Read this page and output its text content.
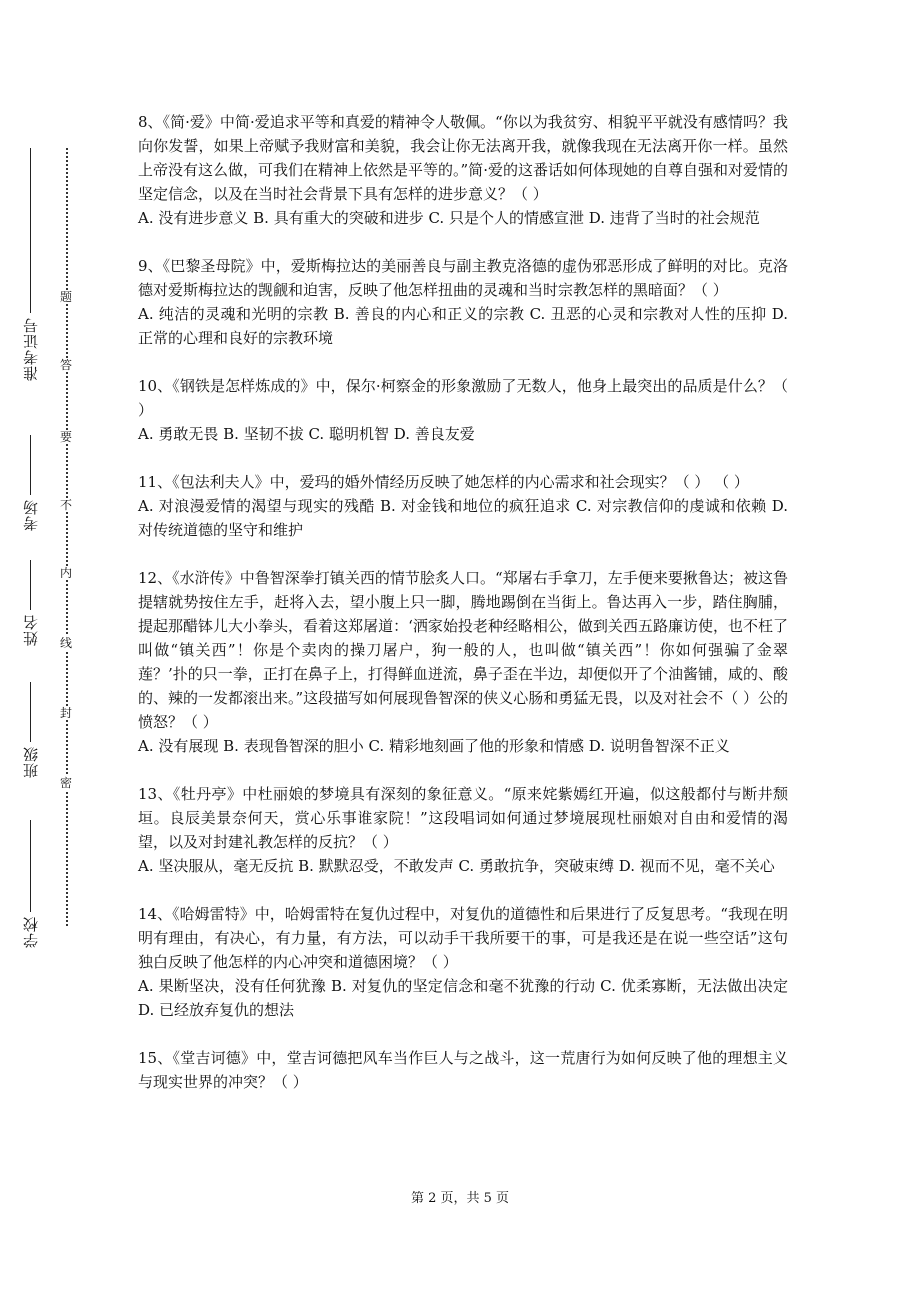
准考证号
考场
姓名
班级
学校
题
答
要
不
内
线
封
密

8、《简·爱》中简·爱追求平等和真爱的精神令人敬佩。“你以为我贫穷、相貌平平就没有感情吗？我向你发誓，如果上帝赋予我财富和美貌，我会让你无法离开我，就像我现在无法离开你一样。虽然上帝没有这么做，可我们在精神上依然是平等的。”简·爱的这番话如何体现她的自尊自强和对爱情的坚定信念，以及在当时社会背景下具有怎样的进步意义？（ ）

A. 没有进步意义 B. 具有重大的突破和进步 C. 只是个人的情感宣泄 D. 违背了当时的社会规范

9、《巴黎圣母院》中，爱斯梅拉达的美丽善良与副主教克洛德的虚伪邪恶形成了鲜明的对比。克洛德对爱斯梅拉达的觊觎和迫害，反映了他怎样扭曲的灵魂和当时宗教怎样的黑暗面？（ ）

A. 纯洁的灵魂和光明的宗教 B. 善良的内心和正义的宗教 C. 丑恶的心灵和宗教对人性的压抑 D. 正常的心理和良好的宗教环境

10、《钢铁是怎样炼成的》中，保尔·柯察金的形象激励了无数人，他身上最突出的品质是什么？（ ）

A. 勇敢无畏 B. 坚韧不拔 C. 聪明机智 D. 善良友爱

11、《包法利夫人》中，爱玛的婚外情经历反映了她怎样的内心需求和社会现实？（ ） （ ）

A. 对浪漫爱情的渴望与现实的残酷 B. 对金钱和地位的疯狂追求 C. 对宗教信仰的虔诚和依赖 D. 对传统道德的坚守和维护

12、《水浒传》中鲁智深拳打镇关西的情节脍炙人口。“郑屠右手拿刀，左手便来要揪鲁达；被这鲁提辖就势按住左手，赶将入去，望小腹上只一脚，腾地踢倒在当街上。鲁达再入一步，踏住胸脯，提起那醋钵儿大小拳头，看着这郑屠道：‘洒家始投老种经略相公，做到关西五路廉访使，也不枉了叫做“镇关西”！你是个卖肉的操刀屠户，狗一般的人，也叫做“镇关西”！你如何强骗了金翠莲？’扑的只一拳，正打在鼻子上，打得鲜血迸流，鼻子歪在半边，却便似开了个油酱铺，咸的、酸的、辣的一发都滚出来。”这段描写如何展现鲁智深的侠义心肠和勇猛无畏，以及对社会不（ ）公的愤怒？（ ）

A. 没有展现 B. 表现鲁智深的胆小 C. 精彩地刻画了他的形象和情感 D. 说明鲁智深不正义

13、《牡丹亭》中杜丽娘的梦境具有深刻的象征意义。“原来姹紫嫣红开遍，似这般都付与断井颓垣。良辰美景奈何天，赏心乐事谁家院！”这段唱词如何通过梦境展现杜丽娘对自由和爱情的渴望，以及对封建礼教怎样的反抗？（ ）

A. 坚决服从，毫无反抗 B. 默默忍受，不敢发声 C. 勇敢抗争，突破束缚 D. 视而不见，毫不关心

14、《哈姆雷特》中，哈姆雷特在复仇过程中，对复仇的道德性和后果进行了反复思考。“我现在明明有理由，有决心，有力量，有方法，可以动手干我所要干的事，可是我还是在说一些空话”这句独白反映了他怎样的内心冲突和道德困境？（ ）

A. 果断坚决，没有任何犹豫 B. 对复仇的坚定信念和毫不犹豫的行动 C. 优柔寡断，无法做出决定 D. 已经放弃复仇的想法

15、《堂吉诃德》中，堂吉诃德把风车当作巨人与之战斗，这一荒唐行为如何反映了他的理想主义与现实世界的冲突？（ ）

第 2 页，共 5 页
